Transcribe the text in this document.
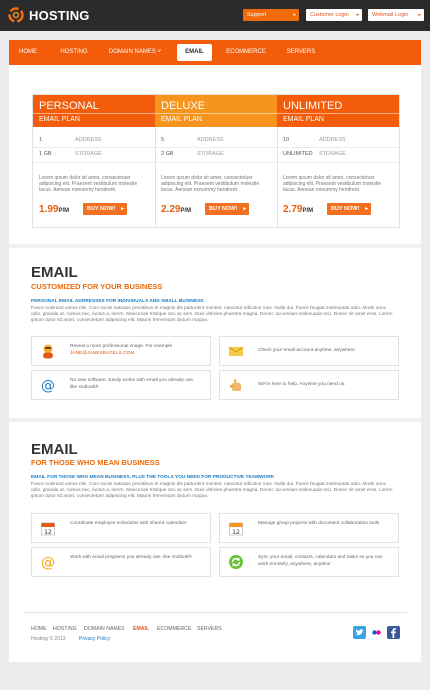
HOSTING	Support	▸	Customer Login ▸	Webmail Login ▸
HOME	HOSTING	DOMAIN NAMES ˅	EMAIL	ECOMMERCE	SERVERS
PERSONAL
EMAIL PLAN
1	ADDRESS
1 GB	STORAGE
Lorem ipsum dolor sit amet, consectetuer adipiscing elit. Praesent vestibulum molestie lacus. Aenean nonummy hendrerit.
1.99P/M	BUY NOW! ▸
DELUXE
EMAIL PLAN
5	ADDRESS
2 GB	STORAGE
Lorem ipsum dolor sit amet, consectetuer adipiscing elit. Praesent vestibulum molestie lacus. Aenean nonummy hendrerit.
2.29P/M	BUY NOW! ▸
UNLIMITED
EMAIL PLAN
10	ADDRESS
UNLIMITED STORAGE
Lorem ipsum dolor sit amet, consectetuer adipiscing elit. Praesent vestibulum molestie lacus. Aenean nonummy hendrerit.
2.79P/M	BUY NOW! ▸
EMAIL
CUSTOMIZED FOR YOUR BUSINESS
PERSONAL EMAIL ADDRESSES FOR INDIVIDUALS AND SMALL BUSINESS.
Fusce euismod varius nisi. Cum sociis natoque penatibus et magnis dis parturient montes, nascetur ridiculus mus. Nulla dui. Fusce feugiat malesuada odio. Morbi nunc odio, gravida at, cursus nec, luctus a, lorem. Maecenas tristique orci ac sem. Duis ultricies pharetra magna. Donec accumsan malesuada orci. Donec sit amet eros. Lorem ipsum dolor sit amet, consectetuer adipiscing elit. Mauris fermentum dictum magna.
Reveal a more professional image. For example
JANE@JANESBAGELS.COM	Check your email account anytime, anywhere
@	No new software. Easily works with email you already use, like Outlook®.	We're here to help. Anytime you need us.
EMAIL
FOR THOSE WHO MEAN BUSINESS
EMAIL FOR THOSE WHO MEAN BUSINESS, PLUS THE TOOLS YOU NEED FOR PRODUCTIVE TEAMWORK
Fusce euismod varius nisi. Cum sociis natoque penatibus et magnis dis parturient montes, nascetur ridiculus mus. Nulla dui. Fusce feugiat malesuada odio. Morbi nunc odio, gravida at, cursus nec, luctus a, lorem. Maecenas tristique orci ac sem. Duis ultricies pharetra magna. Donec accumsan malesuada orci. Donec sit amet eros. Lorem ipsum dolor sit amet, consectetuer adipiscing elit. Mauris fermentum dictum magna.
12
Coordinate employee schedules with shared calendars
12
Manage group projects with document collaboration tools
@	Work with email programs you already use, like Outlook®	Sync your email, contacts, calendars and tasks so you can work remotely, anywhere, anytime
HOME HOSTING DOMAIN NAMES EMAIL ECOMMERCE SERVERS
Hosting © 2013	Privacy Policy
